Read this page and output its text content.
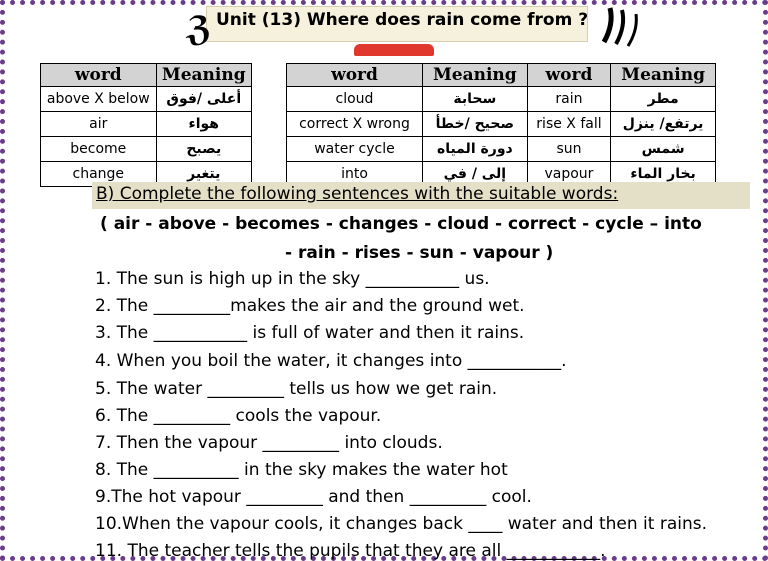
ℨ Unit (13) Where does rain come from ?
word	Meaning
above X below	أعلى /فوق
air	هواء
become	يصبح
change	يتغير
word	Meaning	word	Meaning
cloud	سحابة	rain	مطر
correct X wrong	صحيح /خطأ	rise X fall	يرتفع/ ينزل
water cycle	دورة المياه	sun	شمس
into	إلى / في	vapour	بخار الماء
B) Complete the following sentences with the suitable words:
( air - above - becomes - changes - cloud - correct - cycle – into
- rain - rises - sun - vapour )
1. The sun is high up in the sky ___________ us.
2. The _________makes the air and the ground wet.
3. The ___________ is full of water and then it rains.
4. When you boil the water, it changes into ___________.
5. The water _________ tells us how we get rain.
6. The _________ cools the vapour.
7. Then the vapour _________ into clouds.
8. The __________ in the sky makes the water hot
9.The hot vapour _________ and then _________ cool.
10.When the vapour cools, it changes back ____ water and then it rains.
11. The teacher tells the pupils that they are all ___________.
